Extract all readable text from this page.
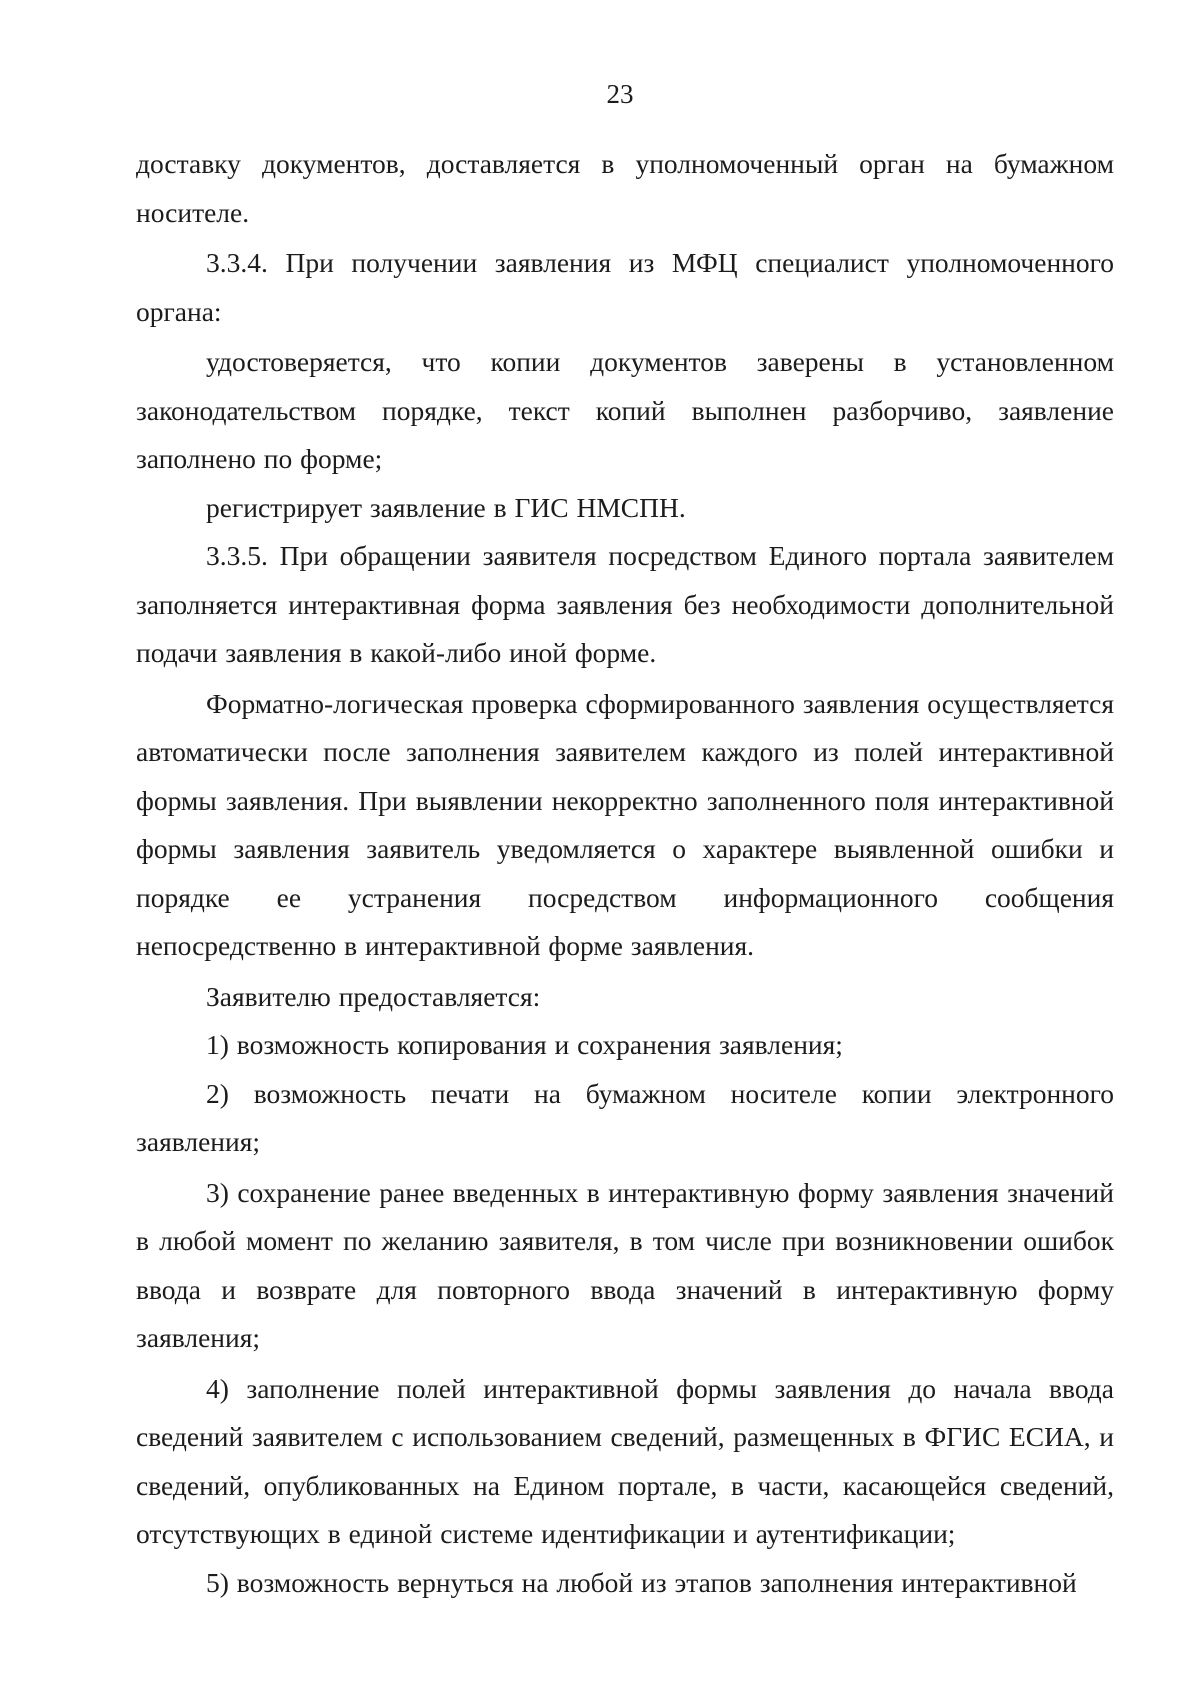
23

доставку документов, доставляется в уполномоченный орган на бумажном носителе.

3.3.4. При получении заявления из МФЦ специалист уполномоченного органа:

удостоверяется, что копии документов заверены в установленном законодательством порядке, текст копий выполнен разборчиво, заявление заполнено по форме;

регистрирует заявление в ГИС НМСПН.

3.3.5. При обращении заявителя посредством Единого портала заявителем заполняется интерактивная форма заявления без необходимости дополнительной подачи заявления в какой-либо иной форме.

Форматно-логическая проверка сформированного заявления осуществляется автоматически после заполнения заявителем каждого из полей интерактивной формы заявления. При выявлении некорректно заполненного поля интерактивной формы заявления заявитель уведомляется о характере выявленной ошибки и порядке ее устранения посредством информационного сообщения непосредственно в интерактивной форме заявления.

Заявителю предоставляется:

1) возможность копирования и сохранения заявления;

2) возможность печати на бумажном носителе копии электронного заявления;

3) сохранение ранее введенных в интерактивную форму заявления значений в любой момент по желанию заявителя, в том числе при возникновении ошибок ввода и возврате для повторного ввода значений в интерактивную форму заявления;

4) заполнение полей интерактивной формы заявления до начала ввода сведений заявителем с использованием сведений, размещенных в ФГИС ЕСИА, и сведений, опубликованных на Едином портале, в части, касающейся сведений, отсутствующих в единой системе идентификации и аутентификации;

5) возможность вернуться на любой из этапов заполнения интерактивной
